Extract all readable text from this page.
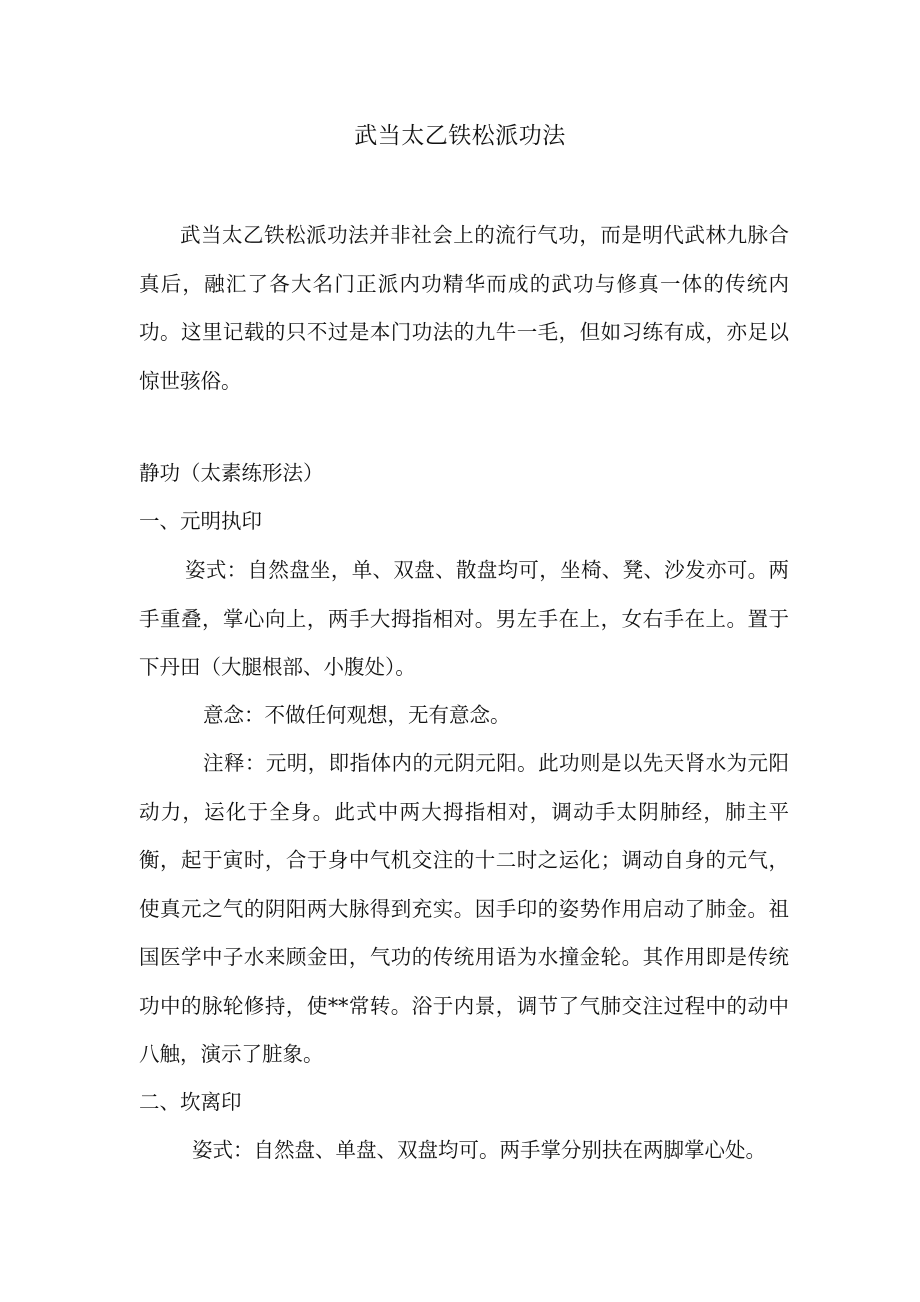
武当太乙铁松派功法

武当太乙铁松派功法并非社会上的流行气功，而是明代武林九脉合真后，融汇了各大名门正派内功精华而成的武功与修真一体的传统内功。这里记载的只不过是本门功法的九牛一毛，但如习练有成，亦足以惊世骇俗。

静功（太素练形法）

一、元明执印

姿式：自然盘坐，单、双盘、散盘均可，坐椅、凳、沙发亦可。两手重叠，掌心向上，两手大拇指相对。男左手在上，女右手在上。置于下丹田（大腿根部、小腹处）。

意念：不做任何观想，无有意念。

注释：元明，即指体内的元阴元阳。此功则是以先天肾水为元阳动力，运化于全身。此式中两大拇指相对，调动手太阴肺经，肺主平衡，起于寅时，合于身中气机交注的十二时之运化；调动自身的元气，使真元之气的阴阳两大脉得到充实。因手印的姿势作用启动了肺金。祖国医学中子水来顾金田，气功的传统用语为水撞金轮。其作用即是传统功中的脉轮修持，使**常转。浴于内景，调节了气肺交注过程中的动中八触，演示了脏象。

二、坎离印

姿式：自然盘、单盘、双盘均可。两手掌分别扶在两脚掌心处。
